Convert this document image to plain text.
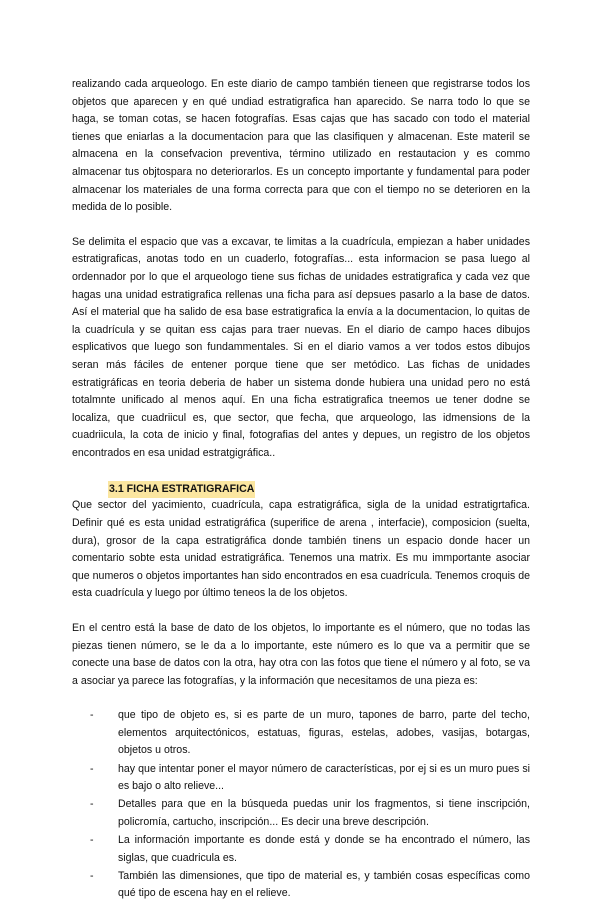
realizando cada arqueologo. En este diario de campo también tieneen que registrarse todos los objetos que aparecen y en qué undiad estratigrafica han aparecido. Se narra todo lo que se haga, se toman cotas, se hacen fotografías. Esas cajas que has sacado con todo el material tienes que eniarlas a la documentacion para que las clasifiquen y almacenan. Este materil se almacena en la consefvacion preventiva, término utilizado en restautacion y es commo almacenar tus objtospara no deteriorarlos. Es un concepto importante y fundamental para poder almacenar los materiales de una forma correcta para que con el tiempo no se deterioren en la medida de lo posible.

Se delimita el espacio que vas a excavar, te limitas a la cuadrícula, empiezan a haber unidades estratigraficas, anotas todo en un cuaderlo, fotografías... esta informacion se pasa luego al ordennador por lo que el arqueologo tiene sus fichas de unidades estratigrafica y cada vez que hagas una unidad estratigrafica rellenas una ficha para así depsues pasarlo a la base de datos. Así el material que ha salido de esa base estratigrafica la envía a la documentacion, lo quitas de la cuadrícula y se quitan ess cajas para traer nuevas. En el diario de campo haces dibujos esplicativos que luego son fundammentales. Si en el diario vamos a ver todos estos dibujos seran más fáciles de entener porque tiene que ser metódico. Las fichas de unidades estratigráficas en teoria deberia de haber un sistema donde hubiera una unidad pero no está totalmnte unificado al menos aquí. En una ficha estratigrafica tneemos ue tener dodne se localiza, que cuadriicul es, que sector, que fecha, que arqueologo, las idmensions de la cuadriicula, la cota de inicio y final, fotografias del antes y depues, un registro de los objetos encontrados en esa unidad estratgigráfica..

3.1 FICHA ESTRATIGRAFICA

Que sector del yacimiento, cuadrícula, capa estratigráfica, sigla de la unidad estratigrtafica. Definir qué es esta unidad estratigráfica (superifice de arena , interfacie), composicion (suelta, dura), grosor de la capa estratigráfica donde también tinens un espacio donde hacer un comentario sobte esta unidad estratigráfica. Tenemos una matrix. Es mu immportante asociar que numeros o objetos importantes han sido encontrados en esa cuadrícula. Tenemos croquis de esta cuadrícula y luego por último teneos la de los objetos.

En el centro está la base de dato de los objetos, lo importante es el número, que no todas las piezas tienen número, se le da a lo importante, este número es lo que va a permitir que se conecte una base de datos con la otra, hay otra con las fotos que tiene el número y al foto, se va a asociar ya parece las fotografías, y la información que necesitamos de una pieza es:

- que tipo de objeto es, si es parte de un muro, tapones de barro, parte del techo, elementos arquitectónicos, estatuas, figuras, estelas, adobes, vasijas, botargas, objetos u otros.
- hay que intentar poner el mayor número de características, por ej si es un muro pues si es bajo o alto relieve...
- Detalles para que en la búsqueda puedas unir los fragmentos, si tiene inscripción, policromía, cartucho, inscripción... Es decir una breve descripción.
- La información importante es donde está y donde se ha encontrado el número, las siglas, que cuadricula es.
- También las dimensiones, que tipo de material es, y también cosas específicas como qué tipo de escena hay en el relieve.
